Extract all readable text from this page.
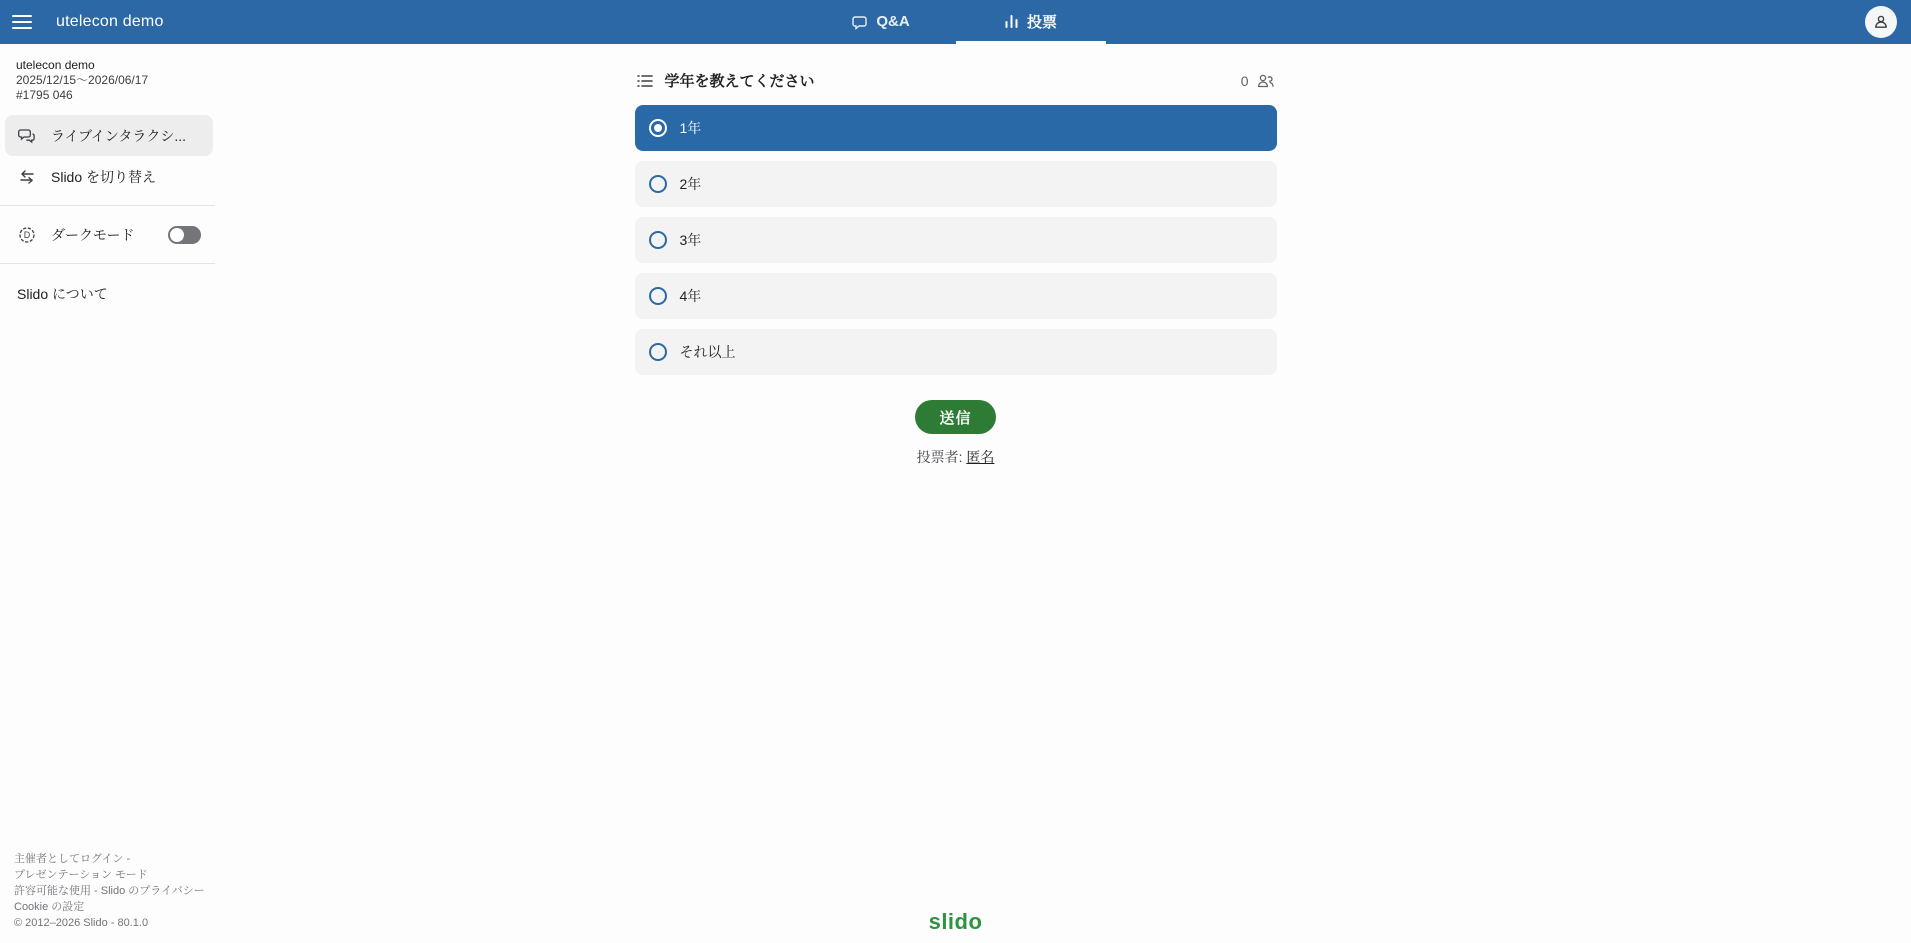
utelecon demo	Q&A	投票
utelecon demo
2025/12/15〜2026/06/17
#1795 046
ライブインタラクシ...
Slido を切り替え
D ダークモード
Slido について
主催者としてログイン -
プレゼンテーション モード
許容可能な使用 - Slido のプライバシー
Cookie の設定
© 2012–2026 Slido - 80.1.0
学年を教えてください	0
1年
2年
3年
4年
それ以上
送信
投票者: 匿名
slido
